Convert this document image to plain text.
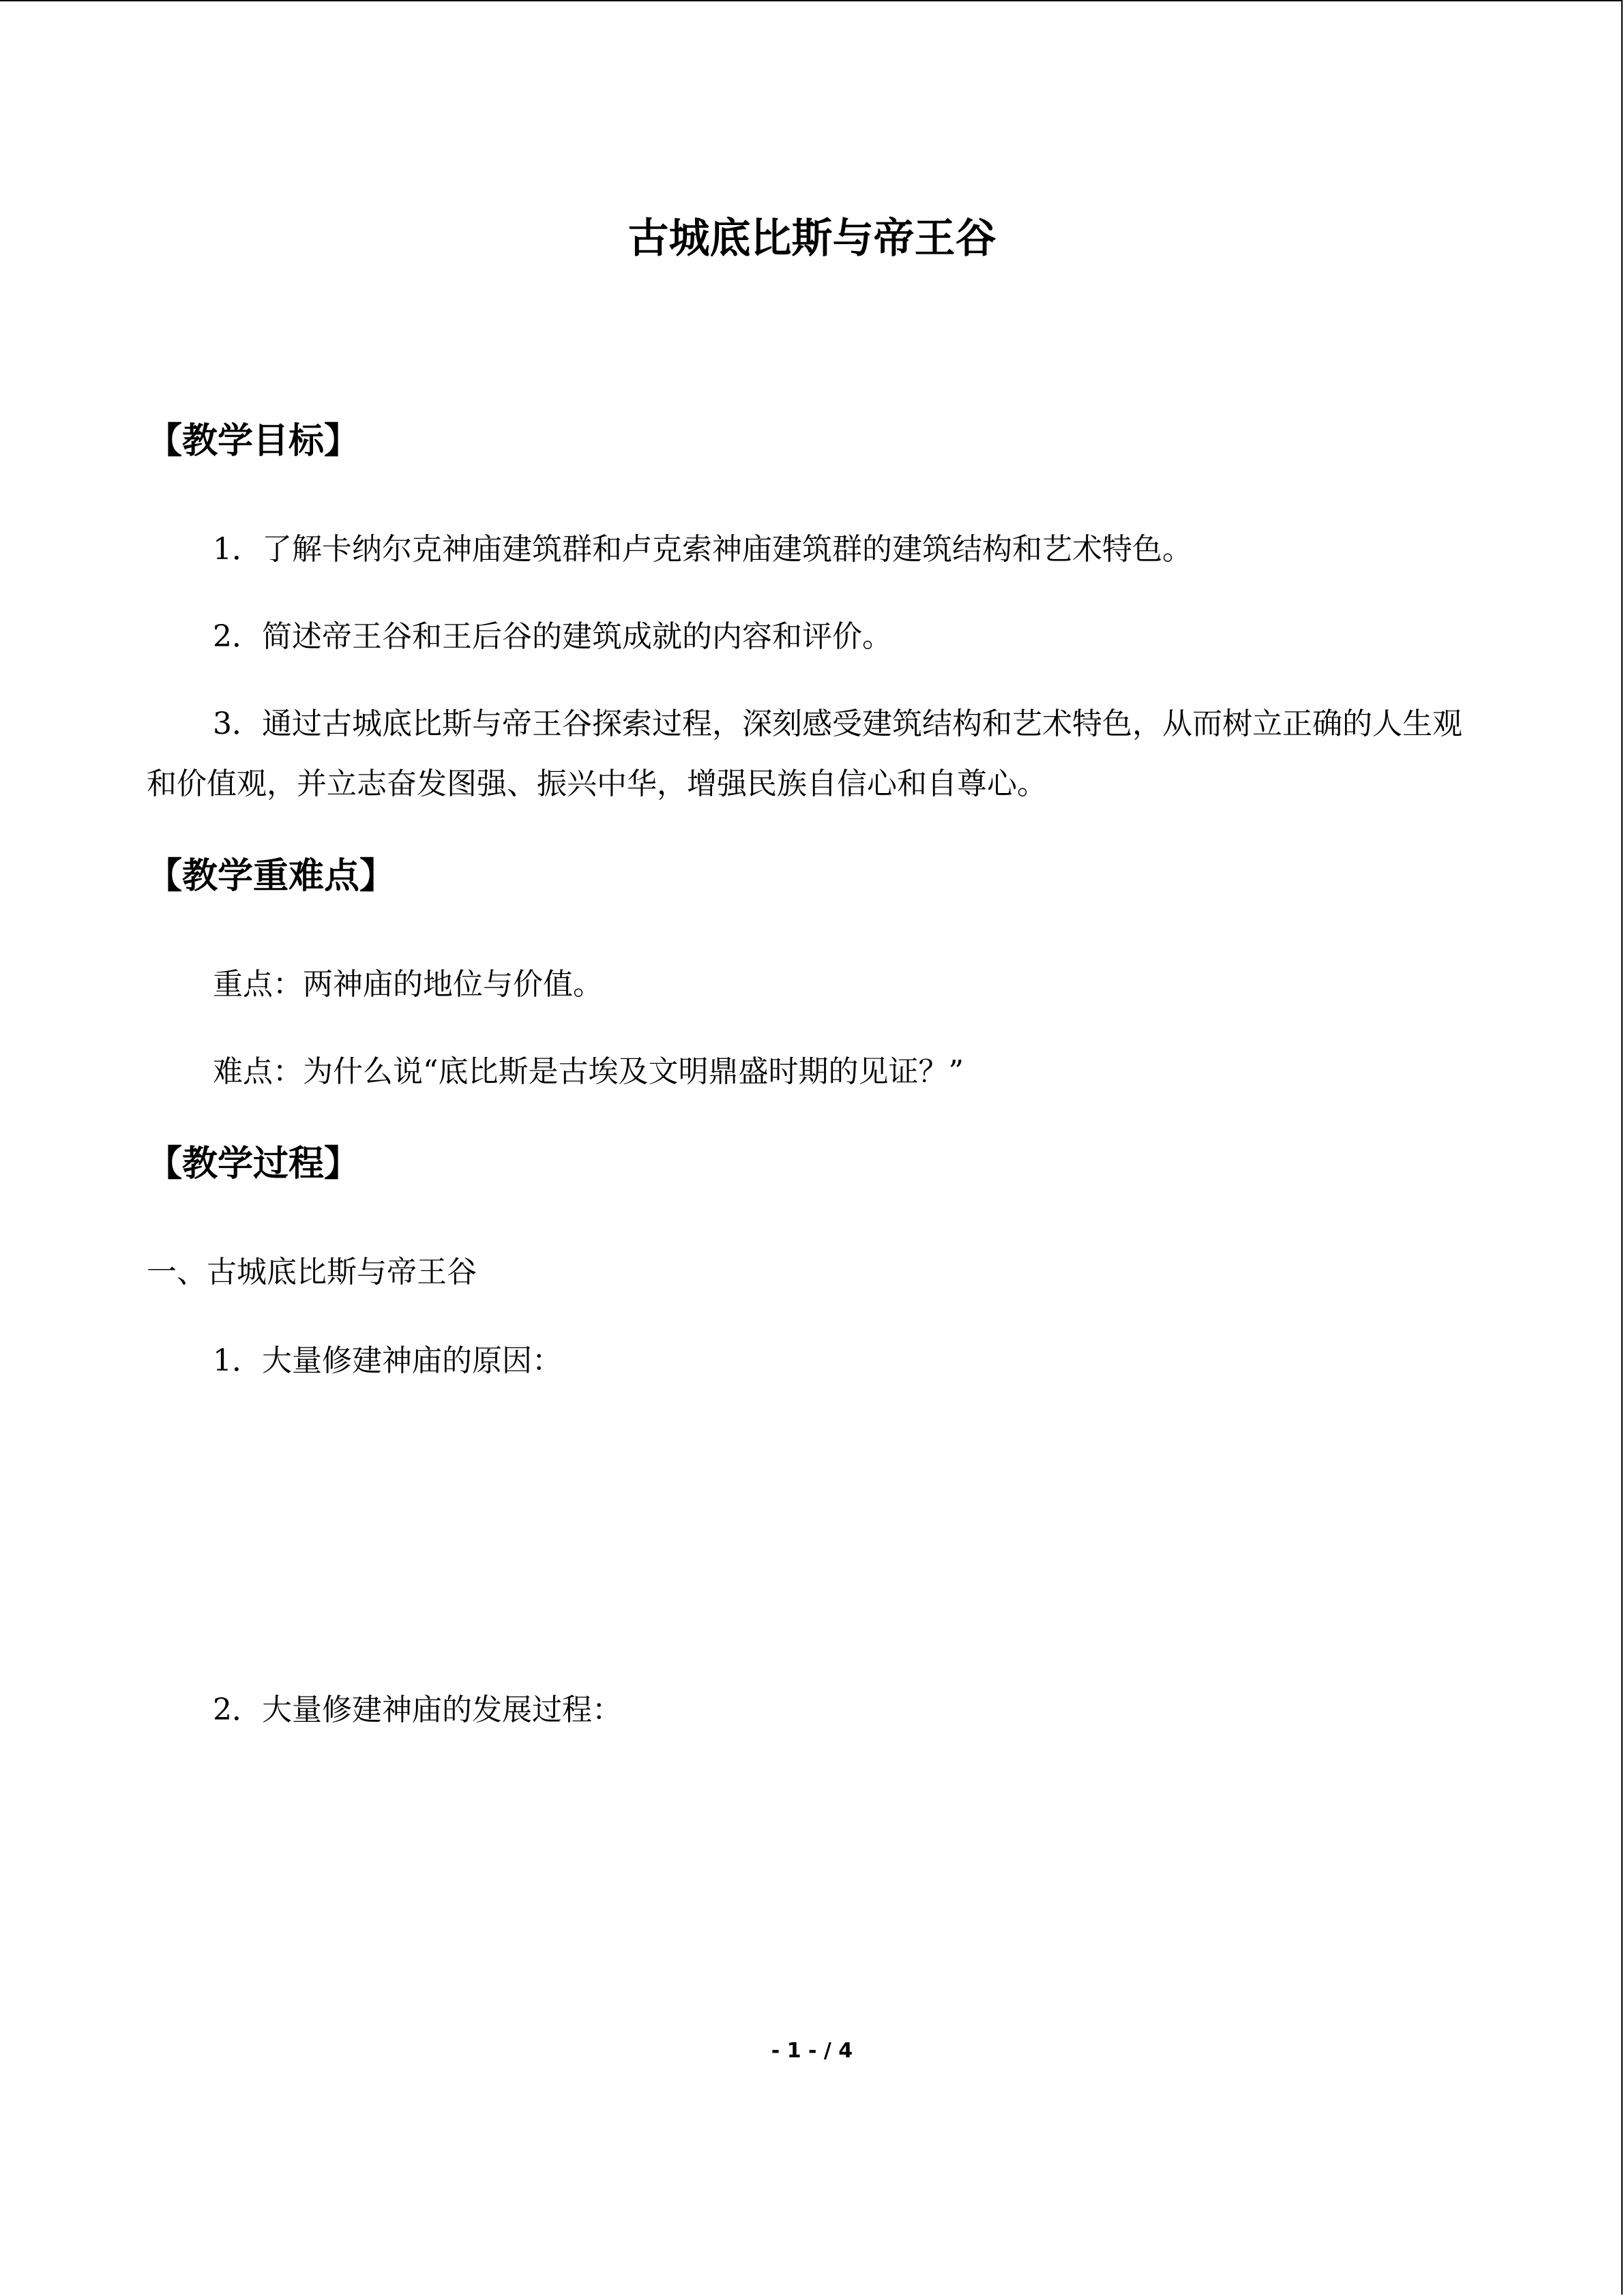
古城底比斯与帝王谷
【教学目标】

1．了解卡纳尔克神庙建筑群和卢克索神庙建筑群的建筑结构和艺术特色。

2．简述帝王谷和王后谷的建筑成就的内容和评价。

3．通过古城底比斯与帝王谷探索过程，深刻感受建筑结构和艺术特色，从而树立正确的人生观和价值观，并立志奋发图强、振兴中华，增强民族自信心和自尊心。

【教学重难点】

重点：两神庙的地位与价值。

难点：为什么说“底比斯是古埃及文明鼎盛时期的见证？”

【教学过程】

一、古城底比斯与帝王谷

1．大量修建神庙的原因：

2．大量修建神庙的发展过程：

- 1 - / 4
